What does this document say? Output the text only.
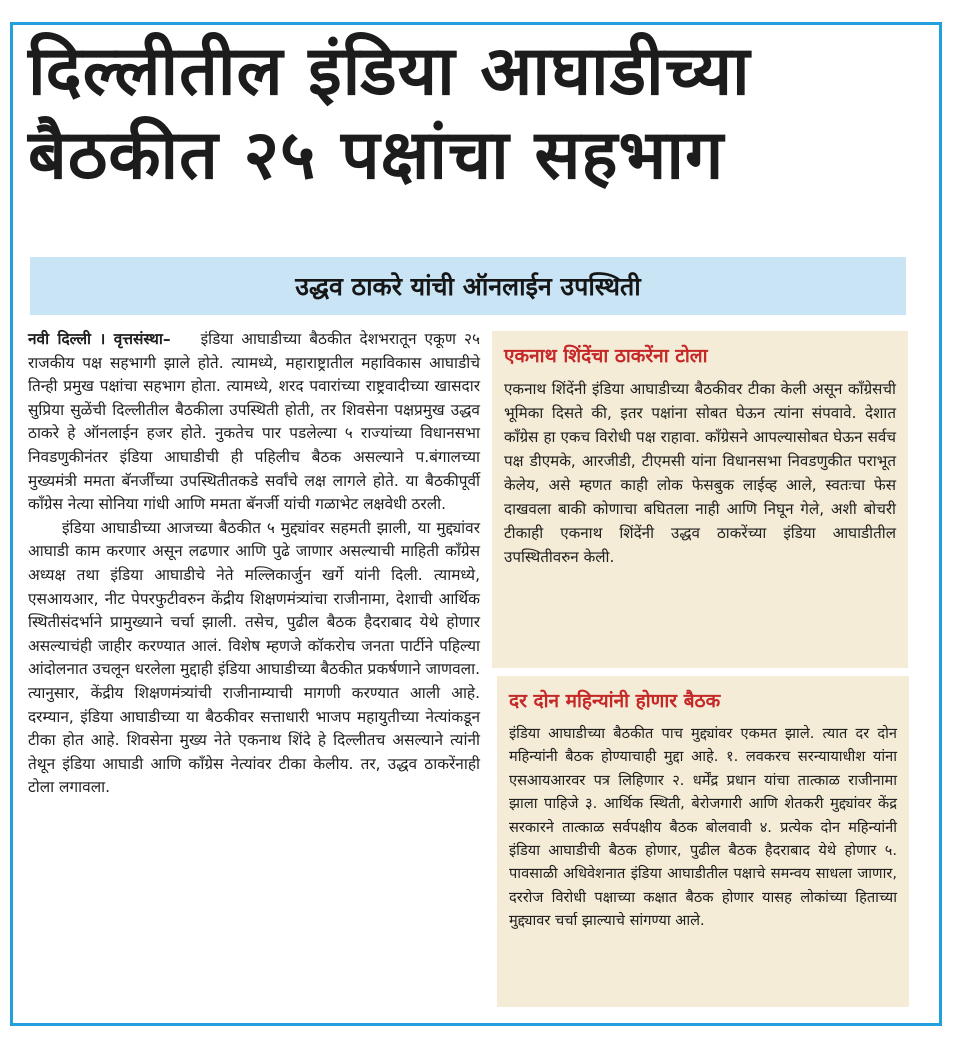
दिल्लीतील इंडिया आघाडीच्या बैठकीत २५ पक्षांचा सहभाग
उद्धव ठाकरे यांची ऑनलाईन उपस्थिती

नवी दिल्ली । वृत्तसंस्था– इंडिया आघाडीच्या बैठकीत देशभरातून एकूण २५ राजकीय पक्ष सहभागी झाले होते. त्यामध्ये, महाराष्ट्रातील महाविकास आघाडीचे तिन्ही प्रमुख पक्षांचा सहभाग होता. त्यामध्ये, शरद पवारांच्या राष्ट्रवादीच्या खासदार सुप्रिया सुळेंची दिल्लीतील बैठकीला उपस्थिती होती, तर शिवसेना पक्षप्रमुख उद्धव ठाकरे हे ऑनलाईन हजर होते. नुकतेच पार पडलेल्या ५ राज्यांच्या विधानसभा निवडणुकीनंतर इंडिया आघाडीची ही पहिलीच बैठक असल्याने प.बंगालच्या मुख्यमंत्री ममता बॅनर्जींच्या उपस्थितीतकडे सर्वांचे लक्ष लागले होते. या बैठकीपूर्वी कॉंग्रेस नेत्या सोनिया गांधी आणि ममता बॅनर्जी यांची गळाभेट लक्षवेधी ठरली.

इंडिया आघाडीच्या आजच्या बैठकीत ५ मुद्द्यांवर सहमती झाली, या मुद्द्यांवर आघाडी काम करणार असून लढणार आणि पुढे जाणार असल्याची माहिती कॉंग्रेस अध्यक्ष तथा इंडिया आघाडीचे नेते मल्लिकार्जुन खर्गे यांनी दिली. त्यामध्ये, एसआयआर, नीट पेपरफुटीवरुन केंद्रीय शिक्षणमंत्र्यांचा राजीनामा, देशाची आर्थिक स्थितीसंदर्भाने प्रामुख्याने चर्चा झाली. तसेच, पुढील बैठक हैदराबाद येथे होणार असल्याचंही जाहीर करण्यात आलं. विशेष म्हणजे कॉकरोच जनता पार्टीने पहिल्या आंदोलनात उचलून धरलेला मुद्दाही इंडिया आघाडीच्या बैठकीत प्रकर्षणाने जाणवला. त्यानुसार, केंद्रीय शिक्षणमंत्र्यांची राजीनाम्याची मागणी करण्यात आली आहे. दरम्यान, इंडिया आघाडीच्या या बैठकीवर सत्ताधारी भाजप महायुतीच्या नेत्यांकडून टीका होत आहे. शिवसेना मुख्य नेते एकनाथ शिंदे हे दिल्लीतच असल्याने त्यांनी तेथून इंडिया आघाडी आणि कॉंग्रेस नेत्यांवर टीका केलीय. तर, उद्धव ठाकरेंनाही टोला लगावला.

एकनाथ शिंदेंचा ठाकरेंना टोला

एकनाथ शिंदेंनी इंडिया आघाडीच्या बैठकीवर टीका केली असून कॉंग्रेसची भूमिका दिसते की, इतर पक्षांना सोबत घेऊन त्यांना संपवावे. देशात कॉंग्रेस हा एकच विरोधी पक्ष राहावा. कॉंग्रेसने आपल्यासोबत घेऊन सर्वच पक्ष डीएमके, आरजीडी, टीएमसी यांना विधानसभा निवडणुकीत पराभूत केलेय, असे म्हणत काही लोक फेसबुक लाईव्ह आले, स्वतःचा फेस दाखवला बाकी कोणाचा बघितला नाही आणि निघून गेले, अशी बोचरी टीकाही एकनाथ शिंदेंनी उद्धव ठाकरेंच्या इंडिया आघाडीतील उपस्थितीवरुन केली.

दर दोन महिन्यांनी होणार बैठक

इंडिया आघाडीच्या बैठकीत पाच मुद्द्यांवर एकमत झाले. त्यात दर दोन महिन्यांनी बैठक होण्याचाही मुद्दा आहे. १. लवकरच सरन्यायाधीश यांना एसआयआरवर पत्र लिहिणार २. धर्मेंद्र प्रधान यांचा तात्काळ राजीनामा झाला पाहिजे ३. आर्थिक स्थिती, बेरोजगारी आणि शेतकरी मुद्द्यांवर केंद्र सरकारने तात्काळ सर्वपक्षीय बैठक बोलवावी ४. प्रत्येक दोन महिन्यांनी इंडिया आघाडीची बैठक होणार, पुढील बैठक हैदराबाद येथे होणार ५. पावसाळी अधिवेशनात इंडिया आघाडीतील पक्षाचे समन्वय साधला जाणार, दररोज विरोधी पक्षाच्या कक्षात बैठक होणार यासह लोकांच्या हिताच्या मुद्द्यावर चर्चा झाल्याचे सांगण्या आले.
